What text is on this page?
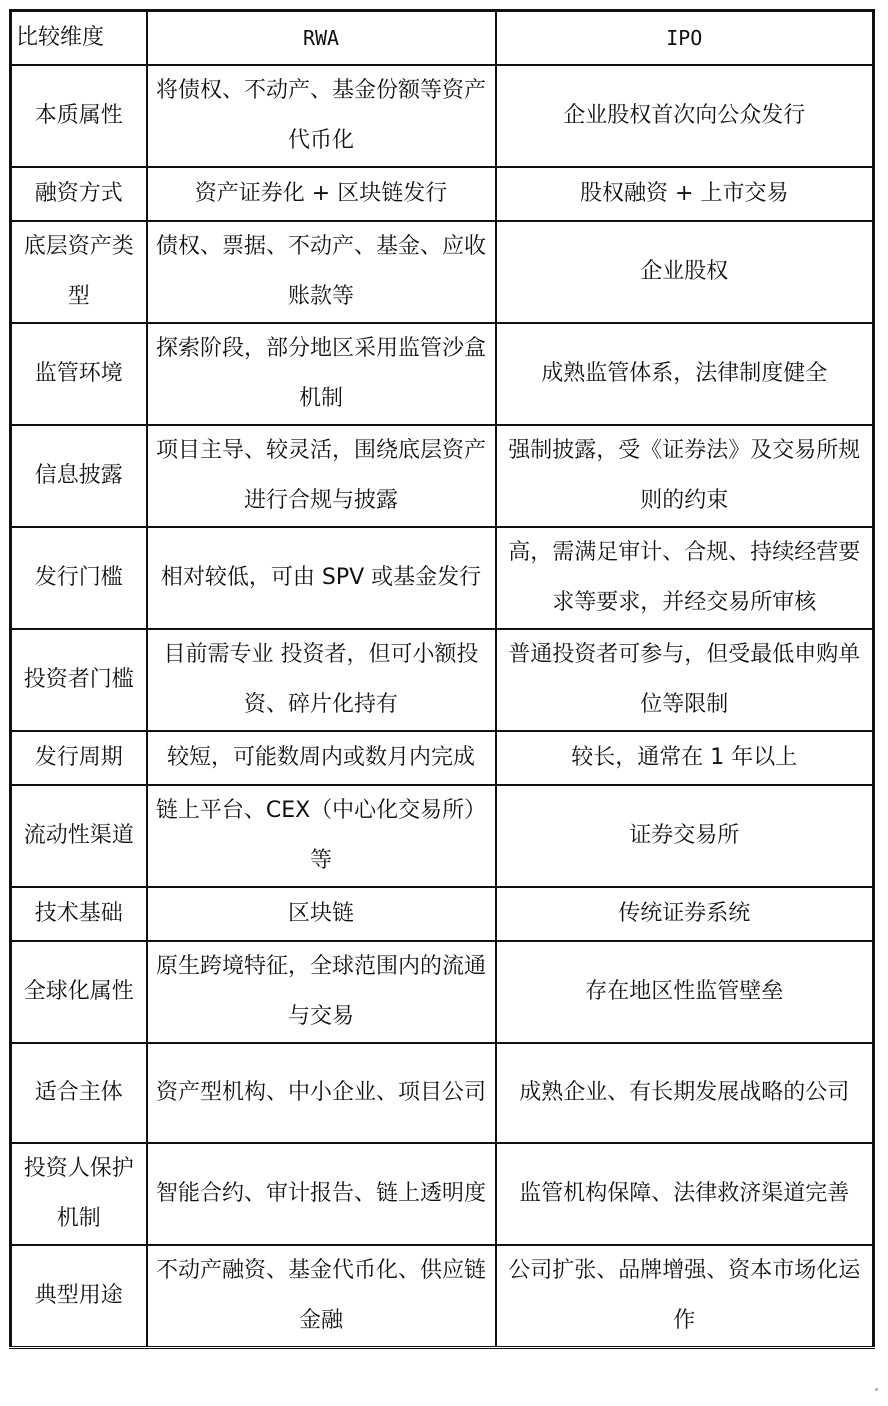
比较维度	RWA	IPO
本质属性	将债权、不动产、基金份额等资产代币化	企业股权首次向公众发行
融资方式	资产证券化 + 区块链发行	股权融资 + 上市交易
底层资产类型	债权、票据、不动产、基金、应收账款等	企业股权
监管环境	探索阶段，部分地区采用监管沙盒机制	成熟监管体系，法律制度健全
信息披露	项目主导、较灵活，围绕底层资产进行合规与披露	强制披露，受《证券法》及交易所规则的约束
发行门槛	相对较低，可由 SPV 或基金发行	高，需满足审计、合规、持续经营要求等要求，并经交易所审核
投资者门槛	目前需专业 投资者，但可小额投资、碎片化持有	普通投资者可参与，但受最低申购单位等限制
发行周期	较短，可能数周内或数月内完成	较长，通常在 1 年以上
流动性渠道	链上平台、CEX（中心化交易所）等	证券交易所
技术基础	区块链	传统证券系统
全球化属性	原生跨境特征，全球范围内的流通与交易	存在地区性监管壁垒
适合主体	资产型机构、中小企业、项目公司	成熟企业、有长期发展战略的公司
投资人保护机制	智能合约、审计报告、链上透明度	监管机构保障、法律救济渠道完善
典型用途	不动产融资、基金代币化、供应链金融	公司扩张、品牌增强、资本市场化运作
